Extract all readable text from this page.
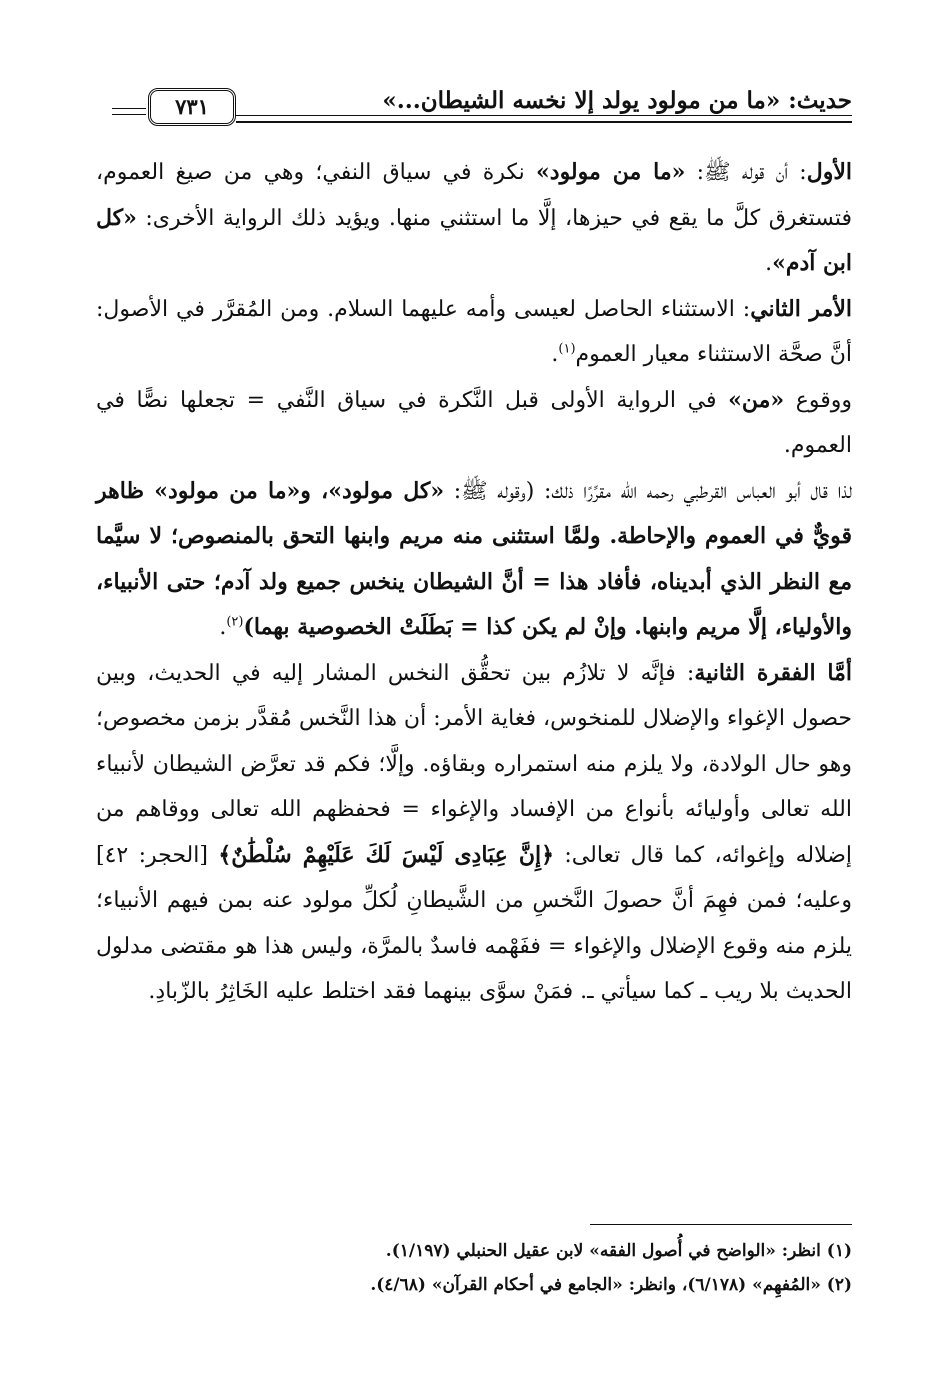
٧٣١	حديث: «ما من مولود يولد إلا نخسه الشيطان...»

الأول: أن قوله ﷺ: «ما من مولود» نكرة في سياق النفي؛ وهي من صيغ العموم، فتستغرق كلَّ ما يقع في حيزها، إلَّا ما استثني منها. ويؤيد ذلك الرواية الأخرى: «كل ابن آدم».

الأمر الثاني: الاستثناء الحاصل لعيسى وأمه عليهما السلام. ومن المُقرَّر في الأصول: أنَّ صحَّة الاستثناء معيار العموم$^{(١)}$.

ووقوع «من» في الرواية الأولى قبل النَّكرة في سياق النَّفي = تجعلها نصًّا في العموم.

لذا قال أبو العباس القرطبي رحمه الله مقرِّرًا ذلك: (وقوله ﷺ: «كل مولود»، و«ما من مولود» ظاهر قويٌّ في العموم والإحاطة. ولمَّا استثنى منه مريم وابنها التحق بالمنصوص؛ لا سيَّما مع النظر الذي أبديناه، فأفاد هذا = أنَّ الشيطان ينخس جميع ولد آدم؛ حتى الأنبياء، والأولياء، إلَّا مريم وابنها. وإنْ لم يكن كذا = بَطَلَتْ الخصوصية بهما)$^{(٢)}$.

أمَّا الفقرة الثانية: فإنَّه لا تلازُم بين تحقُّق النخس المشار إليه في الحديث، وبين حصول الإغواء والإضلال للمنخوس، فغاية الأمر: أن هذا النَّخس مُقدَّر بزمن مخصوص؛ وهو حال الولادة، ولا يلزم منه استمراره وبقاؤه. وإلَّا؛ فكم قد تعرَّض الشيطان لأنبياء الله تعالى وأوليائه بأنواع من الإفساد والإغواء = فحفظهم الله تعالى ووقاهم من إضلاله وإغوائه، كما قال تعالى: ﴿إِنَّ عِبَادِى لَيْسَ لَكَ عَلَيْهِمْ سُلْطَٰنٌ﴾ [الحجر: ٤٢] وعليه؛ فمن فهِمَ أنَّ حصولَ النَّخسِ من الشَّيطانِ لُكلِّ مولود عنه بمن فيهم الأنبياء؛ يلزم منه وقوع الإضلال والإغواء = ففَهْمه فاسدٌ بالمرَّة، وليس هذا هو مقتضى مدلول الحديث بلا ريب ـ كما سيأتي ـ. فمَنْ سوَّى بينهما فقد اختلط عليه الخَاثِرُ بالزّبادِ.

(١) انظر: «الواضح في أُصول الفقه» لابن عقيل الحنبلي (١/١٩٧).

(٢) «المُفهِم» (٦/١٧٨)، وانظر: «الجامع في أحكام القرآن» (٤/٦٨).
